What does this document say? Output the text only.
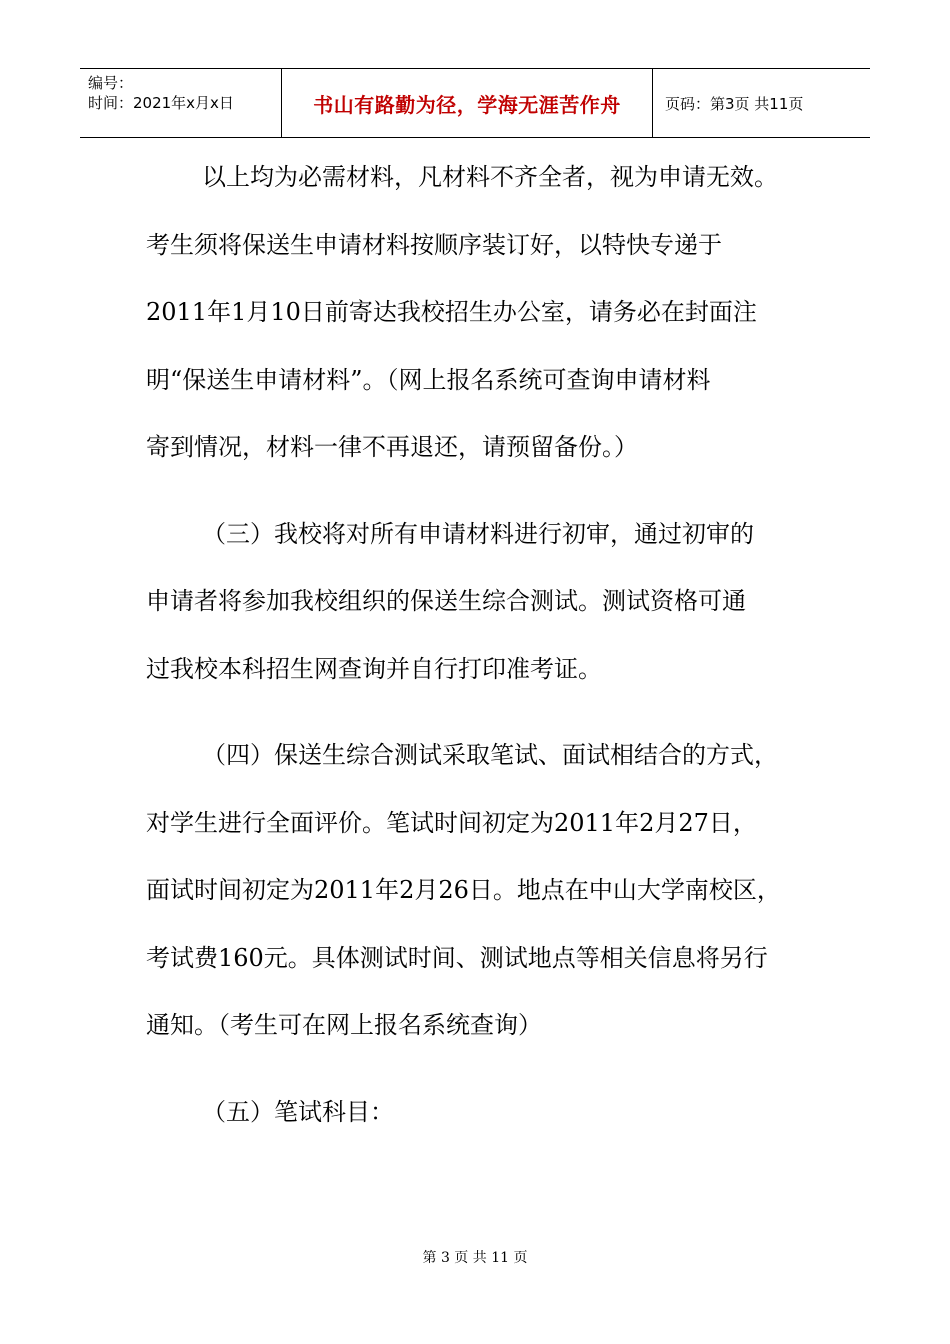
编号：
时间：2021年x月x日	书山有路勤为径，学海无涯苦作舟	页码：第3页 共11页
以上均为必需材料，凡材料不齐全者，视为申请无效。
考生须将保送生申请材料按顺序装订好，以特快专递于
2011年1月10日前寄达我校招生办公室，请务必在封面注
明“保送生申请材料”。（网上报名系统可查询申请材料
寄到情况，材料一律不再退还，请预留备份。）
（三）我校将对所有申请材料进行初审，通过初审的
申请者将参加我校组织的保送生综合测试。测试资格可通
过我校本科招生网查询并自行打印准考证。
（四）保送生综合测试采取笔试、面试相结合的方式，
对学生进行全面评价。笔试时间初定为2011年2月27日，
面试时间初定为2011年2月26日。地点在中山大学南校区，
考试费160元。具体测试时间、测试地点等相关信息将另行
通知。（考生可在网上报名系统查询）
（五）笔试科目：
第 3 页 共 11 页
